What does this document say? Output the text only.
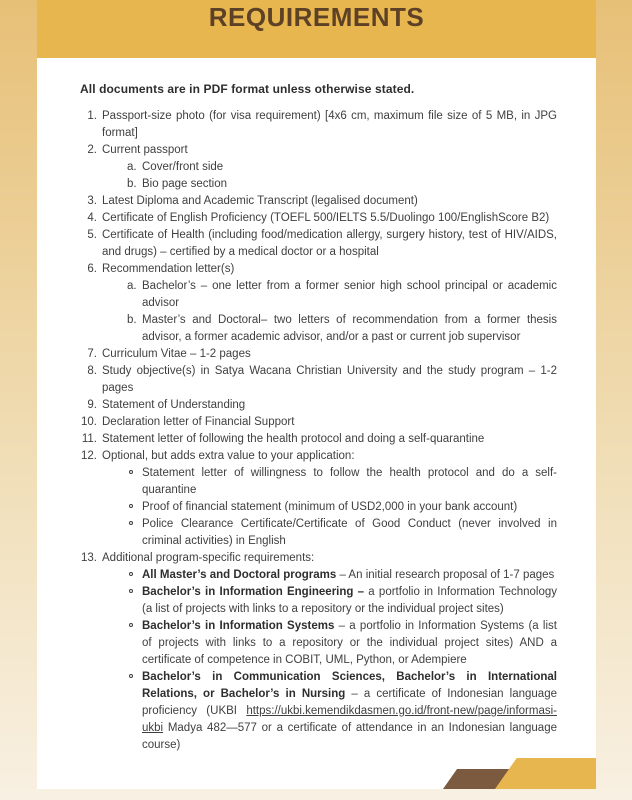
REQUIREMENTS

All documents are in PDF format unless otherwise stated.

1. Passport-size photo (for visa requirement) [4x6 cm, maximum file size of 5 MB, in JPG format]
2. Current passport
a. Cover/front side
b. Bio page section
3. Latest Diploma and Academic Transcript (legalised document)
4. Certificate of English Proficiency (TOEFL 500/IELTS 5.5/Duolingo 100/EnglishScore B2)
5. Certificate of Health (including food/medication allergy, surgery history, test of HIV/AIDS, and drugs) – certified by a medical doctor or a hospital
6. Recommendation letter(s)
a. Bachelor’s – one letter from a former senior high school principal or academic advisor
b. Master’s and Doctoral– two letters of recommendation from a former thesis advisor, a former academic advisor, and/or a past or current job supervisor
7. Curriculum Vitae – 1-2 pages
8. Study objective(s) in Satya Wacana Christian University and the study program – 1-2 pages
9. Statement of Understanding
10. Declaration letter of Financial Support
11. Statement letter of following the health protocol and doing a self-quarantine
12. Optional, but adds extra value to your application:
Statement letter of willingness to follow the health protocol and do a self-quarantine
Proof of financial statement (minimum of USD2,000 in your bank account)
Police Clearance Certificate/Certificate of Good Conduct (never involved in criminal activities) in English
13. Additional program-specific requirements:
All Master’s and Doctoral programs – An initial research proposal of 1-7 pages
Bachelor’s in Information Engineering – a portfolio in Information Technology (a list of projects with links to a repository or the individual project sites)
Bachelor’s in Information Systems – a portfolio in Information Systems (a list of projects with links to a repository or the individual project sites) AND a certificate of competence in COBIT, UML, Python, or Adempiere
Bachelor’s in Communication Sciences, Bachelor’s in International Relations, or Bachelor’s in Nursing – a certificate of Indonesian language proficiency (UKBI https://ukbi.kemendikdasmen.go.id/front-new/page/informasi-ukbi Madya 482—577 or a certificate of attendance in an Indonesian language course)
